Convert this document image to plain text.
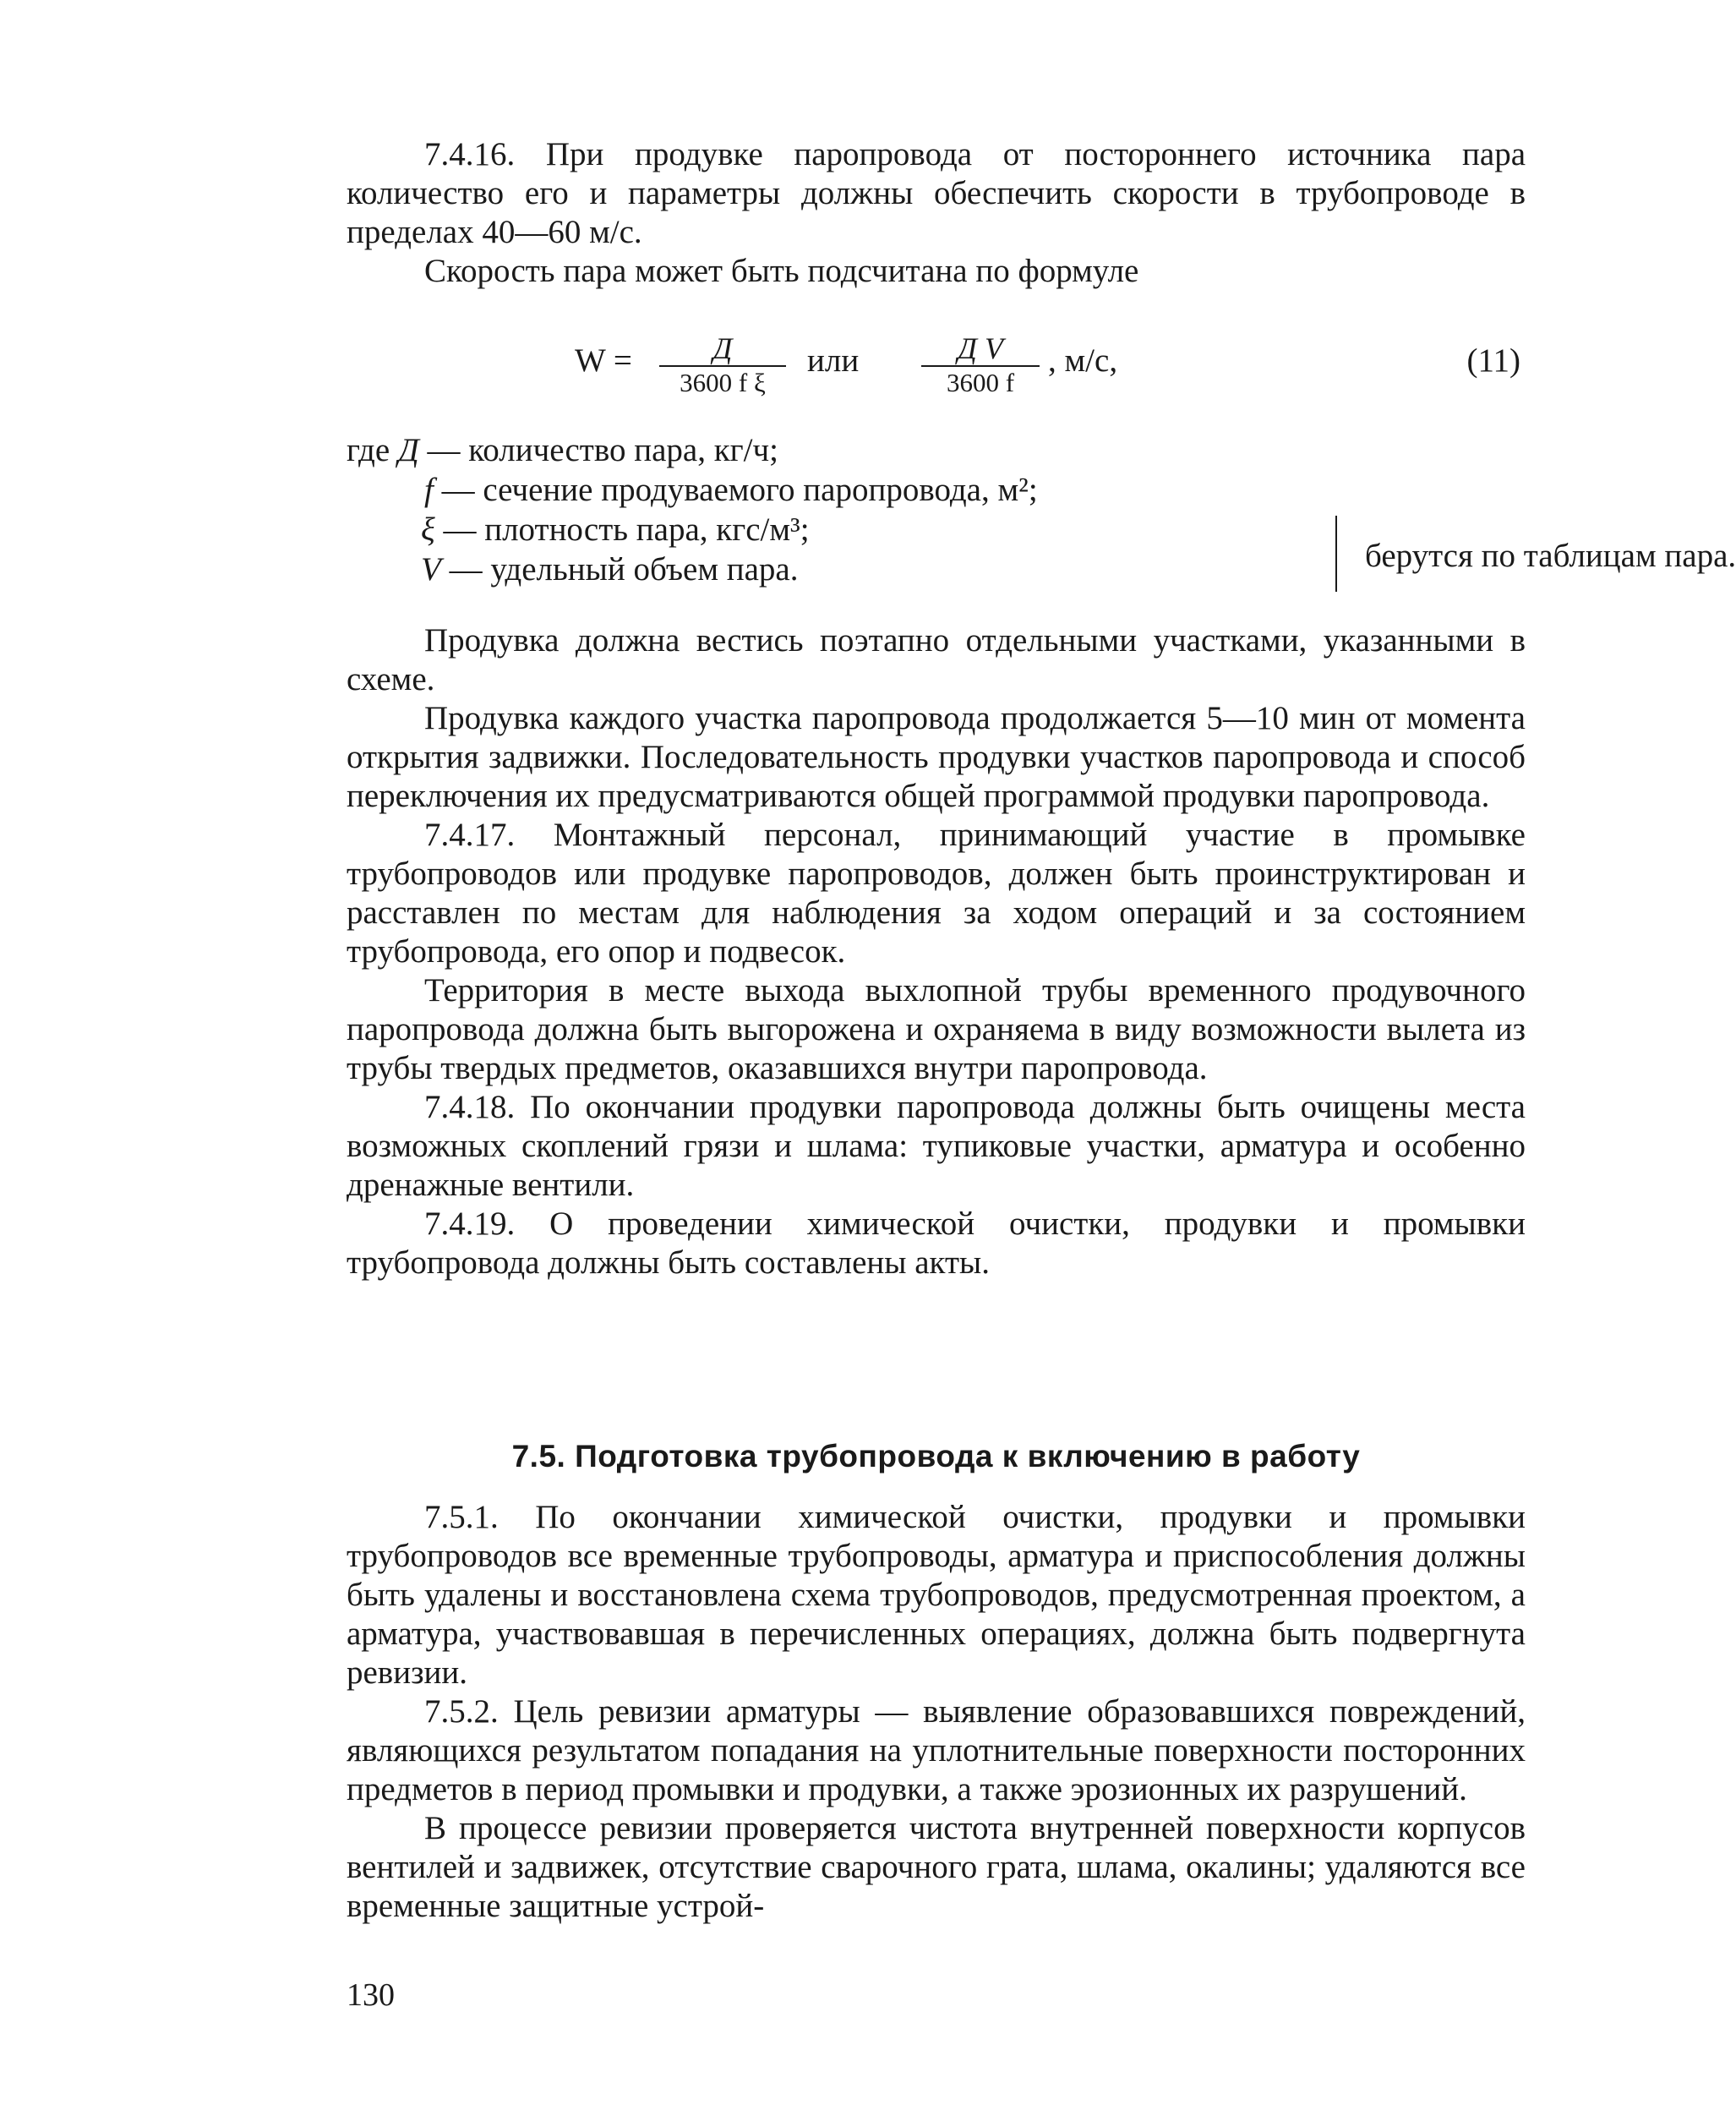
7.4.16. При продувке паропровода от постороннего источника пара количество его и параметры должны обеспечить скорости в трубопроводе в пределах 40—60 м/с.

Скорость пара может быть подсчитана по формуле

W =	Д
3600 f ξ
или	Д V
3600 f
, м/с,	(11)
где Д — количество пара, кг/ч;
f — сечение продуваемого паропровода, м²;
ξ — плотность пара, кгс/м³;
V — удельный объем пара.	берутся по таблицам пара.

Продувка должна вестись поэтапно отдельными участками, указанными в схеме.

Продувка каждого участка паропровода продолжается 5—10 мин от момента открытия задвижки. Последовательность продувки участков паропровода и способ переключения их предусматриваются общей программой продувки паропровода.

7.4.17. Монтажный персонал, принимающий участие в промывке трубопроводов или продувке паропроводов, должен быть проинструктирован и расставлен по местам для наблюдения за ходом операций и за состоянием трубопровода, его опор и подвесок.

Территория в месте выхода выхлопной трубы временного продувочного паропровода должна быть выгорожена и охраняема в виду возможности вылета из трубы твердых предметов, оказавшихся внутри паропровода.

7.4.18. По окончании продувки паропровода должны быть очищены места возможных скоплений грязи и шлама: тупиковые участки, арматура и особенно дренажные вентили.

7.4.19. О проведении химической очистки, продувки и промывки трубопровода должны быть составлены акты.

7.5. Подготовка трубопровода к включению в работу

7.5.1. По окончании химической очистки, продувки и промывки трубопроводов все временные трубопроводы, арматура и приспособления должны быть удалены и восстановлена схема трубопроводов, предусмотренная проектом, а арматура, участвовавшая в перечисленных операциях, должна быть подвергнута ревизии.

7.5.2. Цель ревизии арматуры — выявление образовавшихся повреждений, являющихся результатом попадания на уплотнительные поверхности посторонних предметов в период промывки и продувки, а также эрозионных их разрушений.

В процессе ревизии проверяется чистота внутренней поверхности корпусов вентилей и задвижек, отсутствие сварочного грата, шлама, окалины; удаляются все временные защитные устрой-

130
